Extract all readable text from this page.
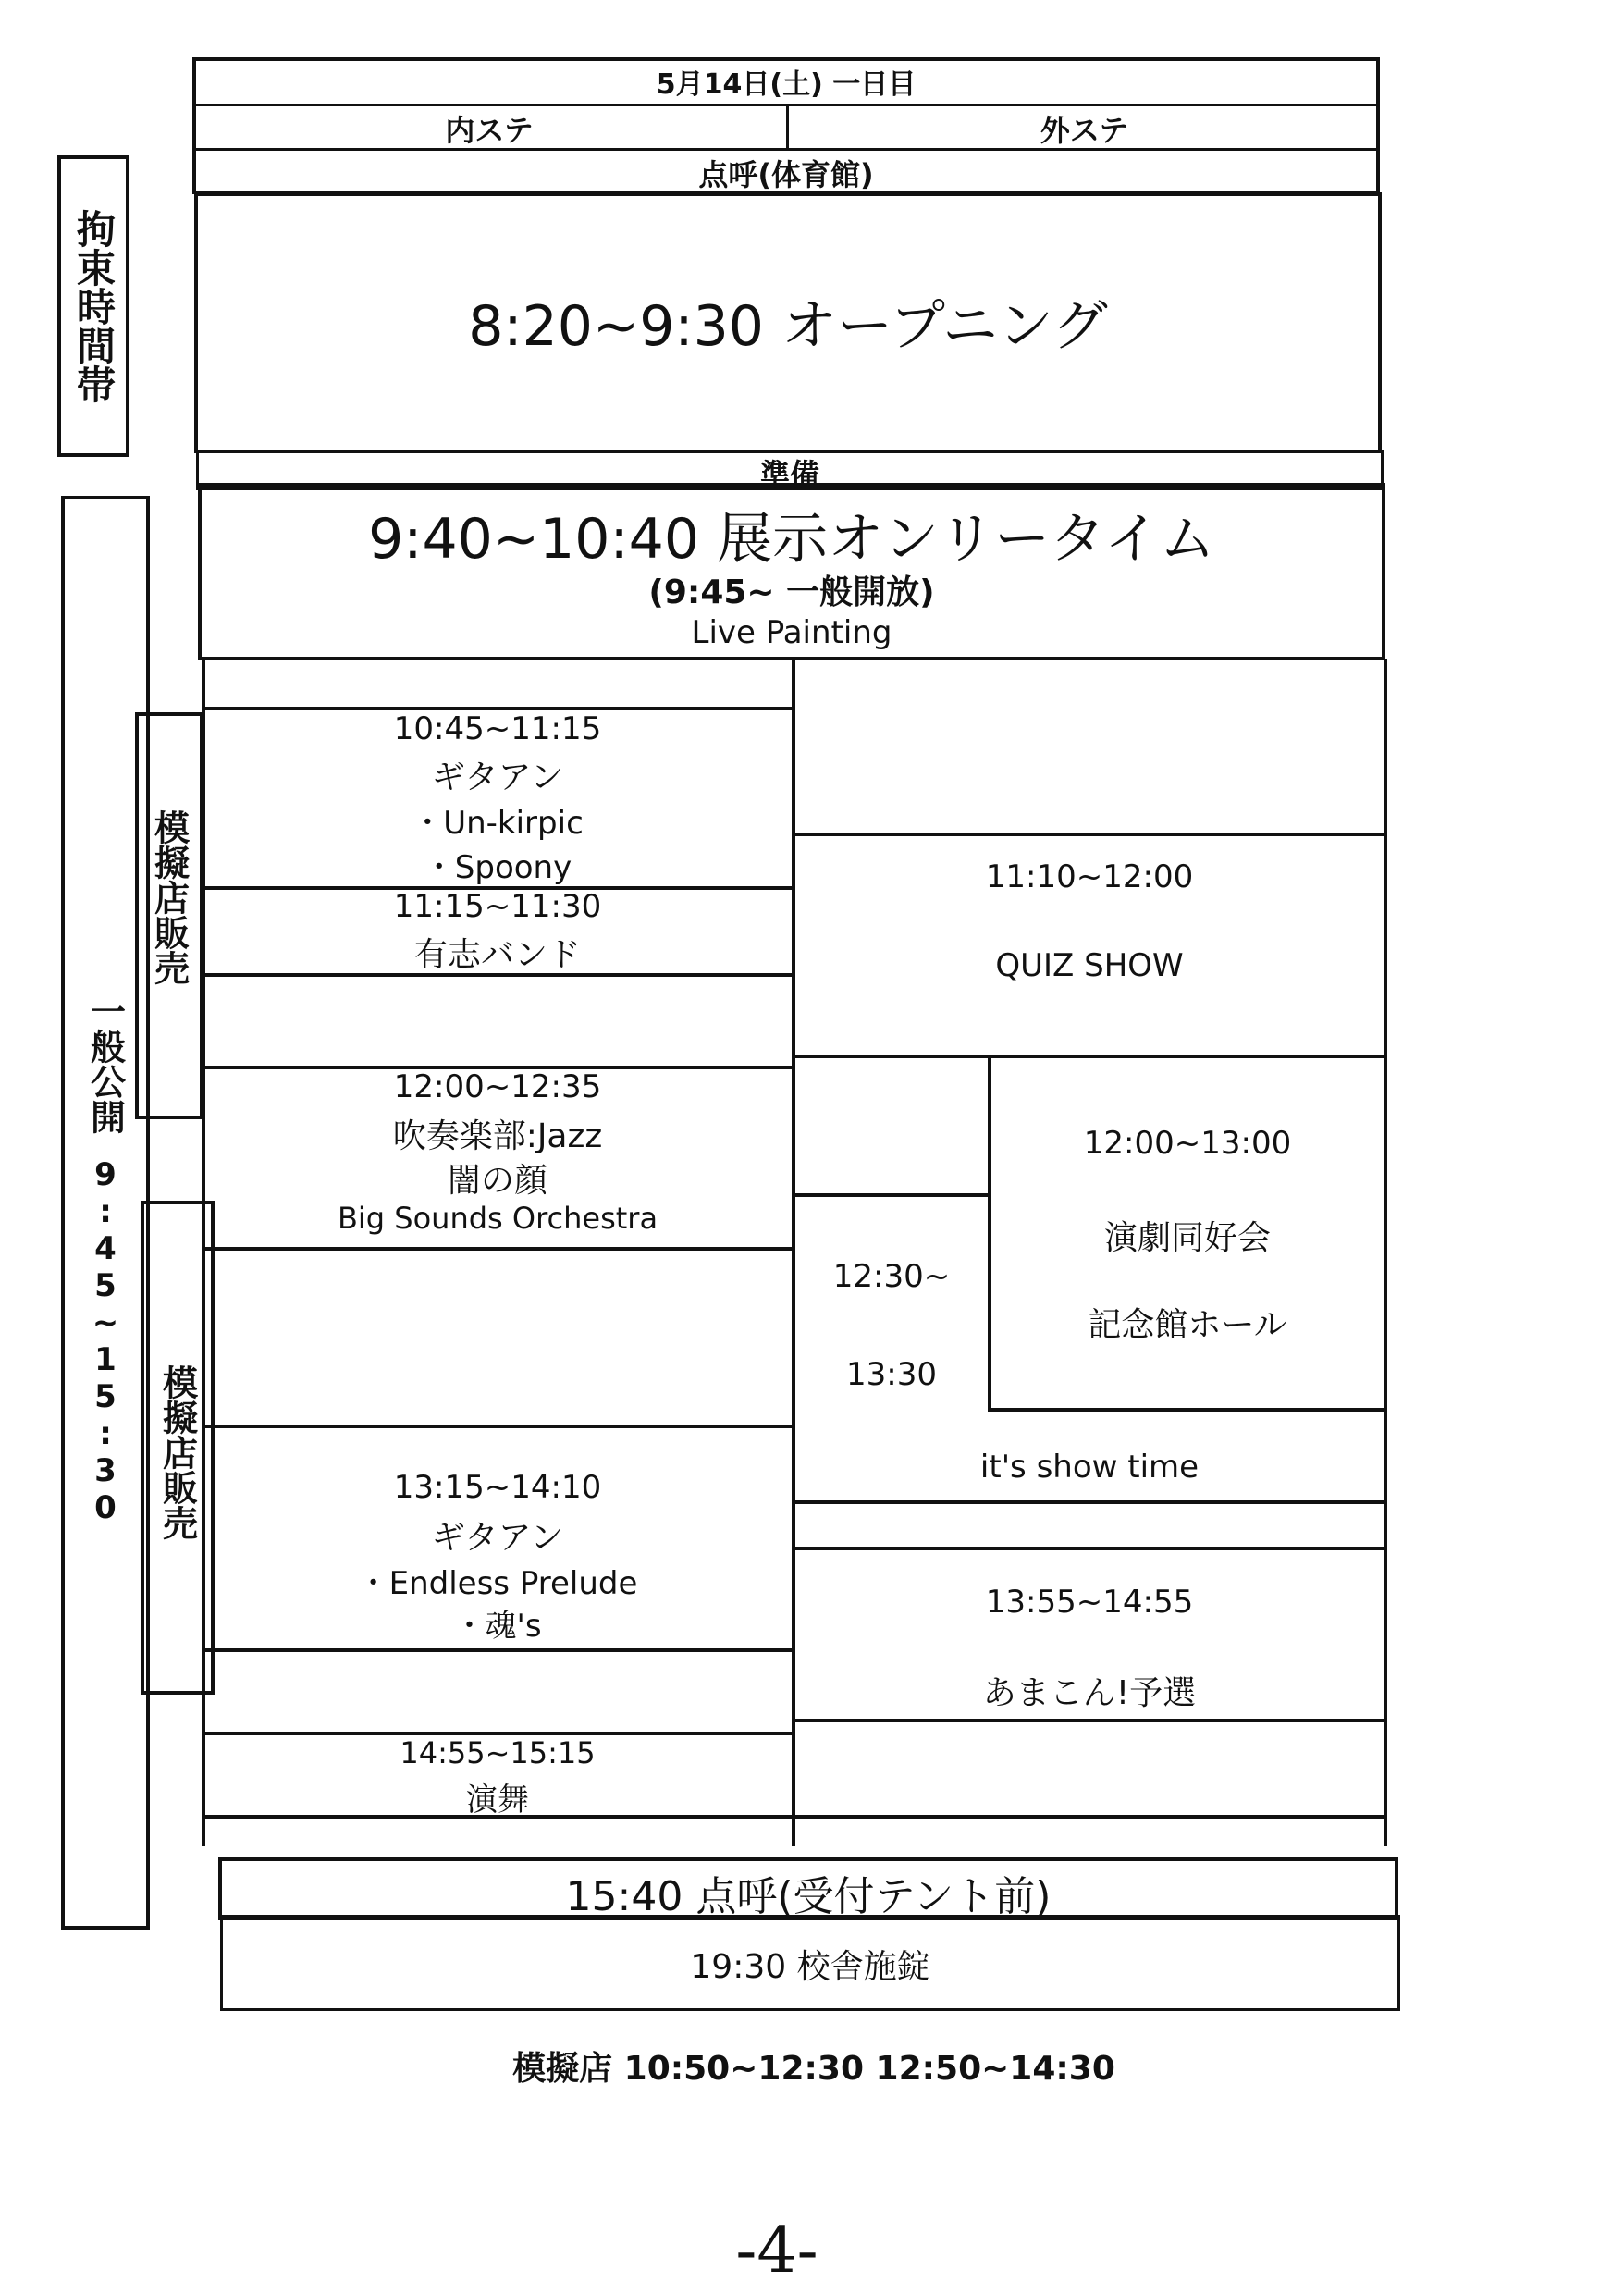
5月14日(土) 一日目
内ステ	外ステ
点呼(体育館)
8:20~9:30 オープニング
準備
9:40~10:40 展示オンリータイム
(9:45~ 一般開放)
Live Painting
拘束時間帯
一般公開
9:45~15:30
模擬店販売
模擬店販売
10:45~11:15
ギタアン
・Un-kirpic
・Spoony
11:15~11:30
有志バンド
12:00~12:35
吹奏楽部:Jazz
闇の顔
Big Sounds Orchestra
13:15~14:10
ギタアン
・Endless Prelude
・魂's
14:55~15:15
演舞
11:10~12:00
QUIZ SHOW
12:00~13:00
演劇同好会
記念館ホール
12:30~
13:30
it's show time
13:55~14:55
あまこん!予選
15:40 点呼(受付テント前)
19:30 校舎施錠
模擬店 10:50~12:30 12:50~14:30
-4-
